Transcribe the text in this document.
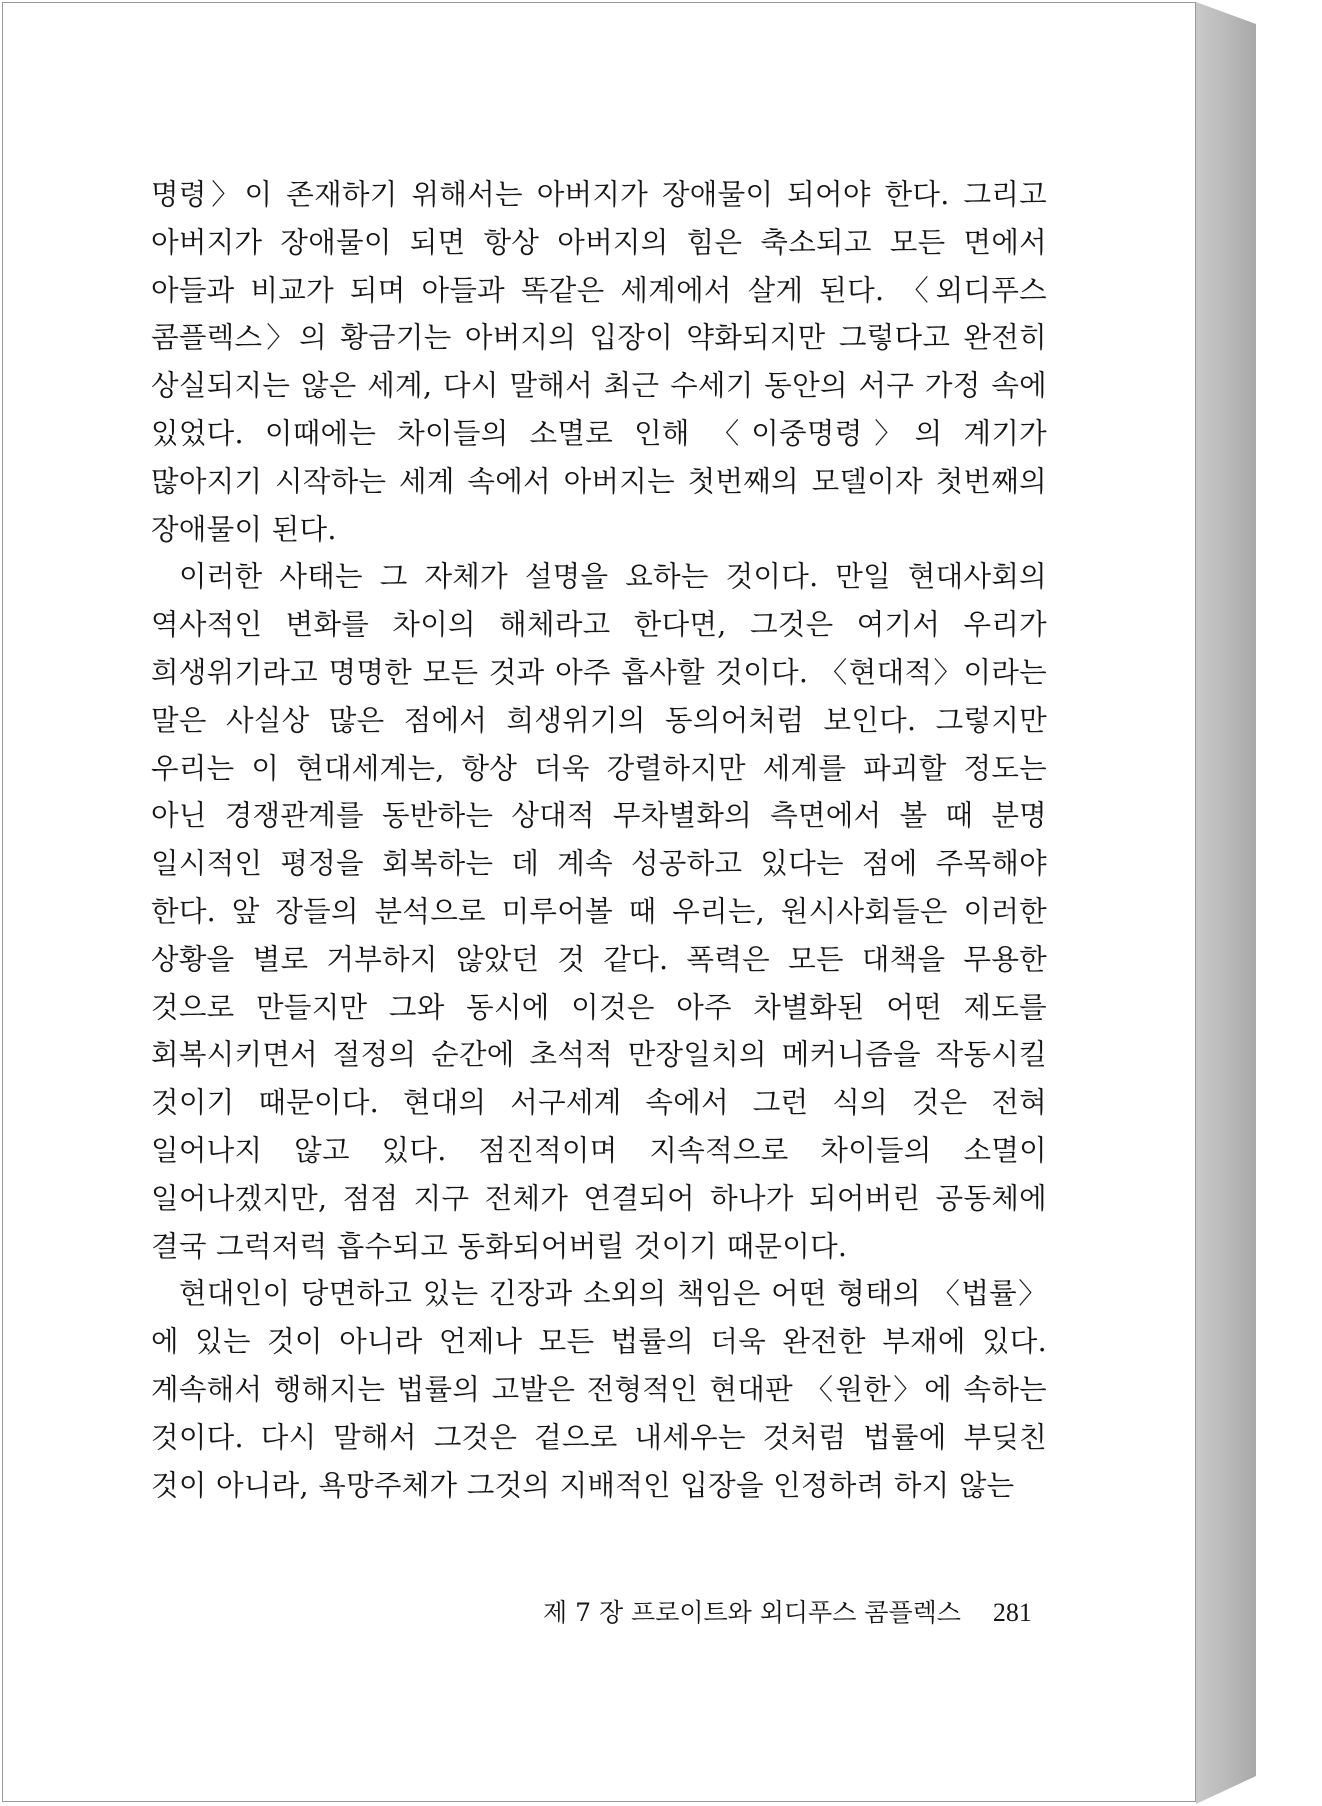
명령〉이 존재하기 위해서는 아버지가 장애물이 되어야 한다. 그리고 아버지가 장애물이 되면 항상 아버지의 힘은 축소되고 모든 면에서 아들과 비교가 되며 아들과 똑같은 세계에서 살게 된다. 〈외디푸스 콤플렉스〉의 황금기는 아버지의 입장이 약화되지만 그렇다고 완전히 상실되지는 않은 세계, 다시 말해서 최근 수세기 동안의 서구 가정 속에 있었다. 이때에는 차이들의 소멸로 인해 〈이중명령〉의 계기가 많아지기 시작하는 세계 속에서 아버지는 첫번째의 모델이자 첫번째의 장애물이 된다.

이러한 사태는 그 자체가 설명을 요하는 것이다. 만일 현대사회의 역사적인 변화를 차이의 해체라고 한다면, 그것은 여기서 우리가 희생위기라고 명명한 모든 것과 아주 흡사할 것이다. 〈현대적〉이라는 말은 사실상 많은 점에서 희생위기의 동의어처럼 보인다. 그렇지만 우리는 이 현대세계는, 항상 더욱 강렬하지만 세계를 파괴할 정도는 아닌 경쟁관계를 동반하는 상대적 무차별화의 측면에서 볼 때 분명 일시적인 평정을 회복하는 데 계속 성공하고 있다는 점에 주목해야 한다. 앞 장들의 분석으로 미루어볼 때 우리는, 원시사회들은 이러한 상황을 별로 거부하지 않았던 것 같다. 폭력은 모든 대책을 무용한 것으로 만들지만 그와 동시에 이것은 아주 차별화된 어떤 제도를 회복시키면서 절정의 순간에 초석적 만장일치의 메커니즘을 작동시킬 것이기 때문이다. 현대의 서구세계 속에서 그런 식의 것은 전혀 일어나지 않고 있다. 점진적이며 지속적으로 차이들의 소멸이 일어나겠지만, 점점 지구 전체가 연결되어 하나가 되어버린 공동체에 결국 그럭저럭 흡수되고 동화되어버릴 것이기 때문이다.

현대인이 당면하고 있는 긴장과 소외의 책임은 어떤 형태의 〈법률〉에 있는 것이 아니라 언제나 모든 법률의 더욱 완전한 부재에 있다. 계속해서 행해지는 법률의 고발은 전형적인 현대판 〈원한〉에 속하는 것이다. 다시 말해서 그것은 겉으로 내세우는 것처럼 법률에 부딪친 것이 아니라, 욕망주체가 그것의 지배적인 입장을 인정하려 하지 않는

제 7 장 프로이트와 외디푸스 콤플렉스 281
